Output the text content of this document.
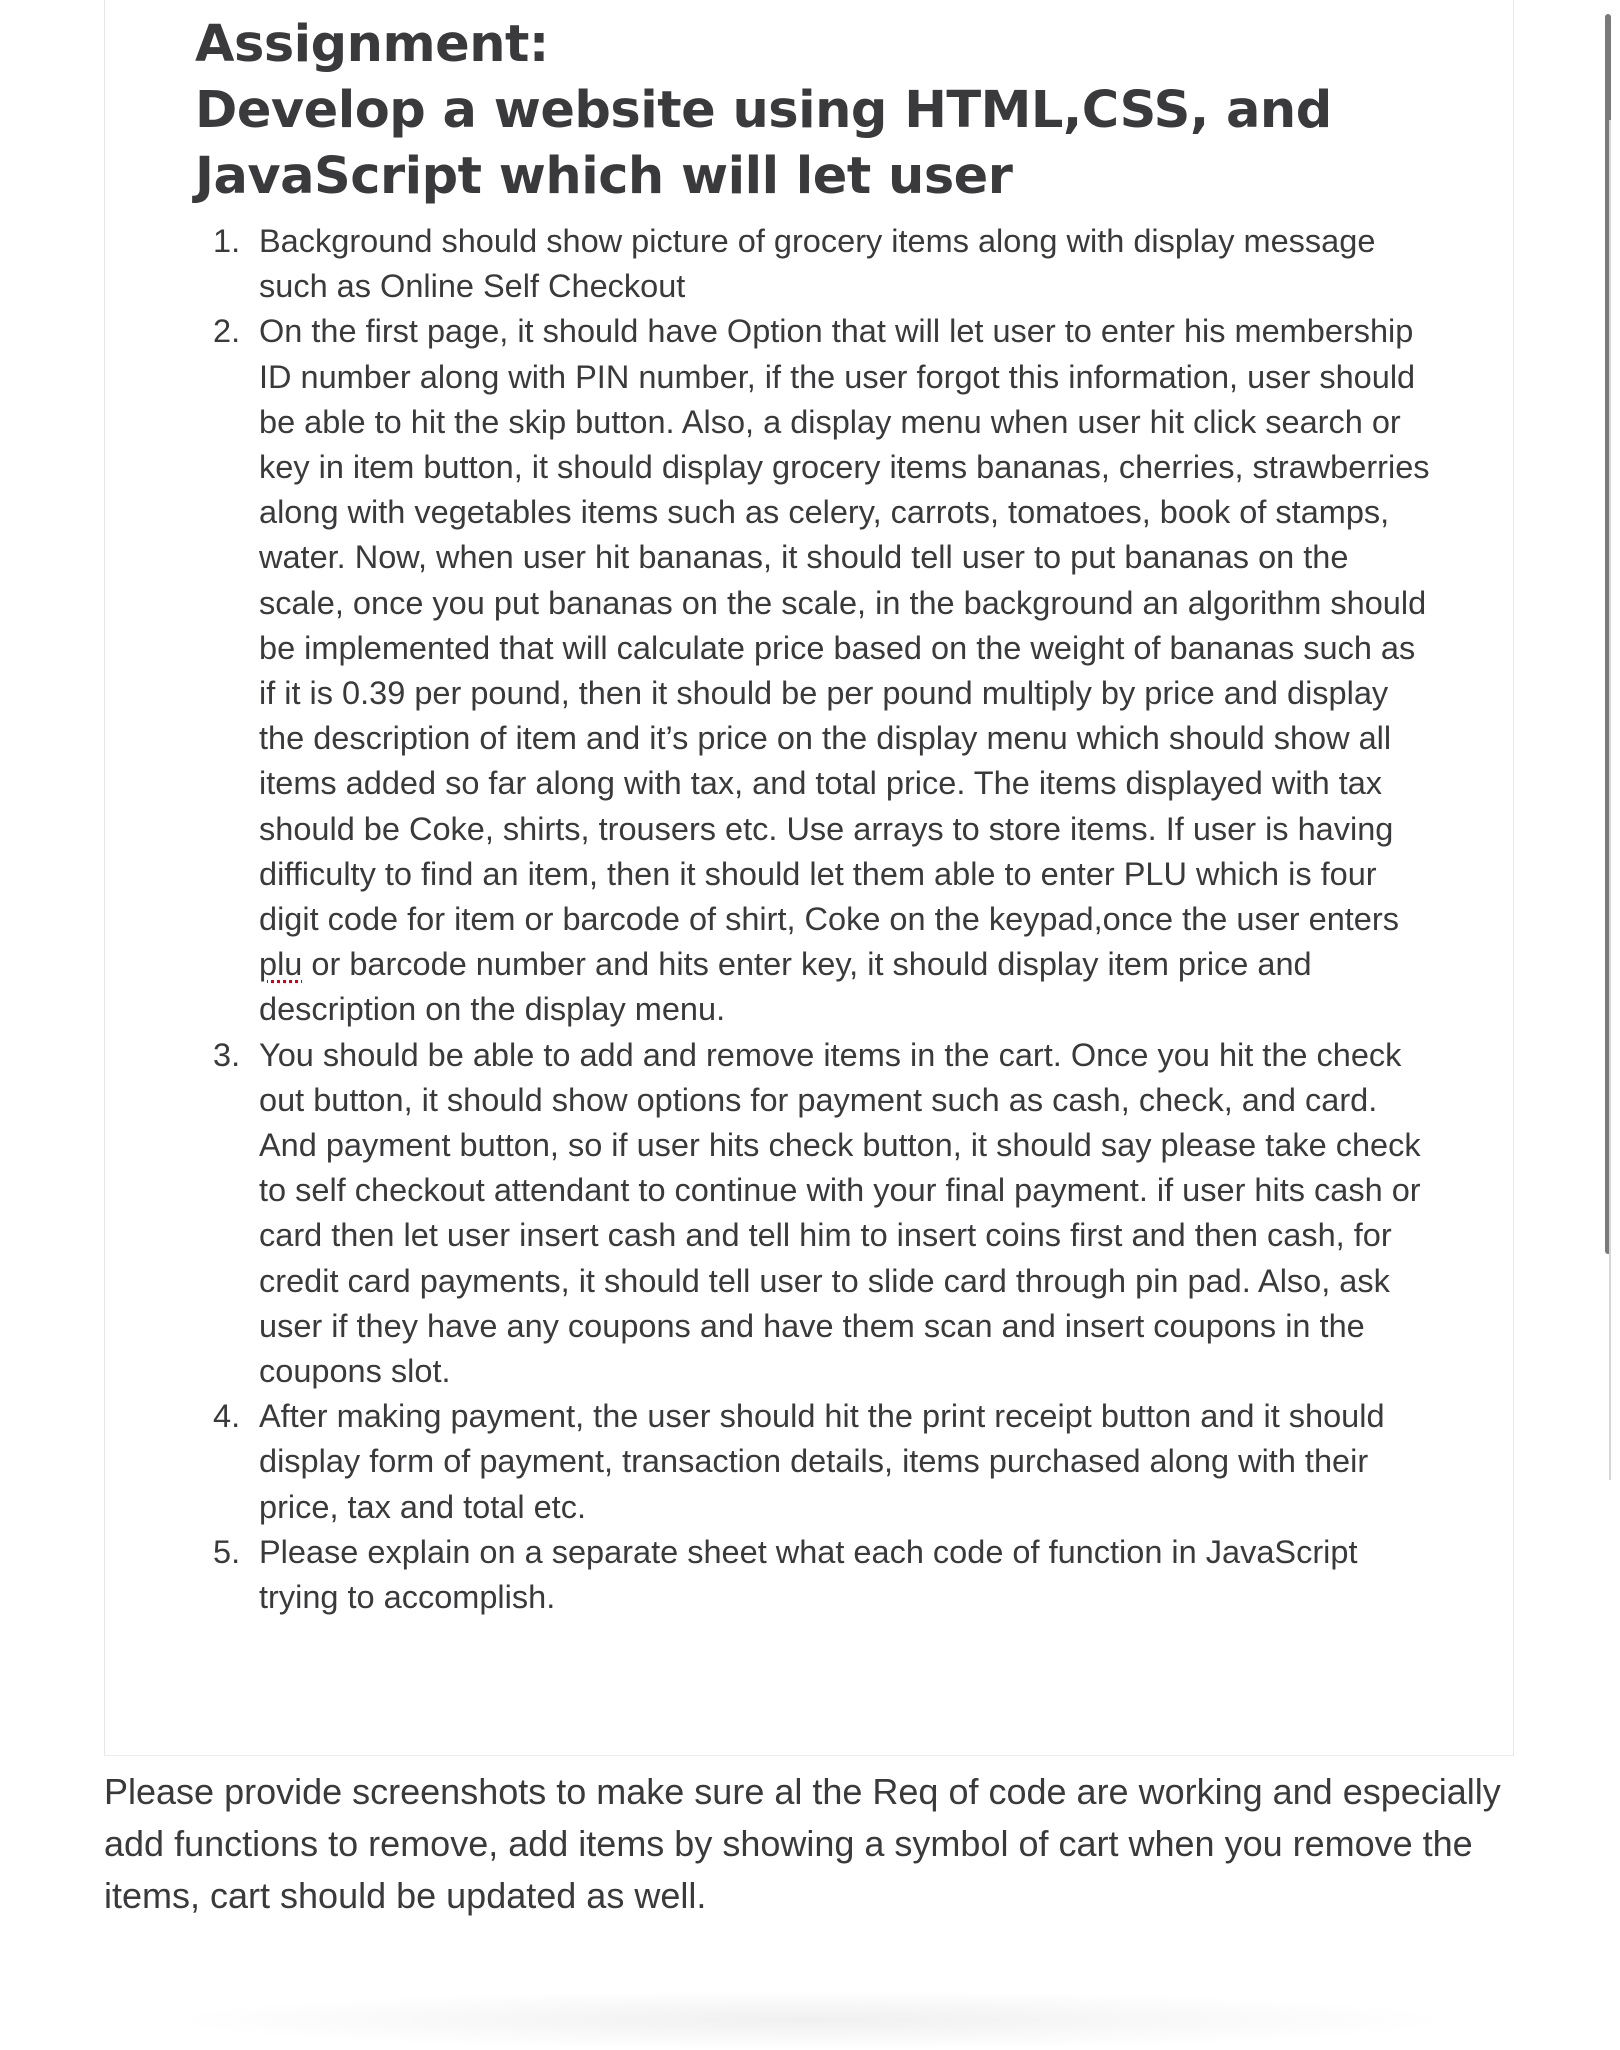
Assignment:
Develop a website using HTML,CSS, and
JavaScript which will let user
1. Background should show picture of grocery items along with display message such as Online Self Checkout
2. On the first page, it should have Option that will let user to enter his membership ID number along with PIN number, if the user forgot this information, user should be able to hit the skip button. Also, a display menu when user hit click search or key in item button, it should display grocery items bananas, cherries, strawberries along with vegetables items such as celery, carrots, tomatoes, book of stamps, water. Now, when user hit bananas, it should tell user to put bananas on the scale, once you put bananas on the scale, in the background an algorithm should be implemented that will calculate price based on the weight of bananas such as if it is 0.39 per pound, then it should be per pound multiply by price and display the description of item and it’s price on the display menu which should show all items added so far along with tax, and total price. The items displayed with tax should be Coke, shirts, trousers etc. Use arrays to store items. If user is having difficulty to find an item, then it should let them able to enter PLU which is four digit code for item or barcode of shirt, Coke on the keypad,once the user enters plu or barcode number and hits enter key, it should display item price and description on the display menu.
3. You should be able to add and remove items in the cart. Once you hit the check out button, it should show options for payment such as cash, check, and card. And payment button, so if user hits check button, it should say please take check to self checkout attendant to continue with your final payment. if user hits cash or card then let user insert cash and tell him to insert coins first and then cash, for credit card payments, it should tell user to slide card through pin pad. Also, ask user if they have any coupons and have them scan and insert coupons in the coupons slot.
4. After making payment, the user should hit the print receipt button and it should display form of payment, transaction details, items purchased along with their price, tax and total etc.
5. Please explain on a separate sheet what each code of function in JavaScript trying to accomplish.

Please provide screenshots to make sure al the Req of code are working and especially add functions to remove, add items by showing a symbol of cart when you remove the items, cart should be updated as well.
